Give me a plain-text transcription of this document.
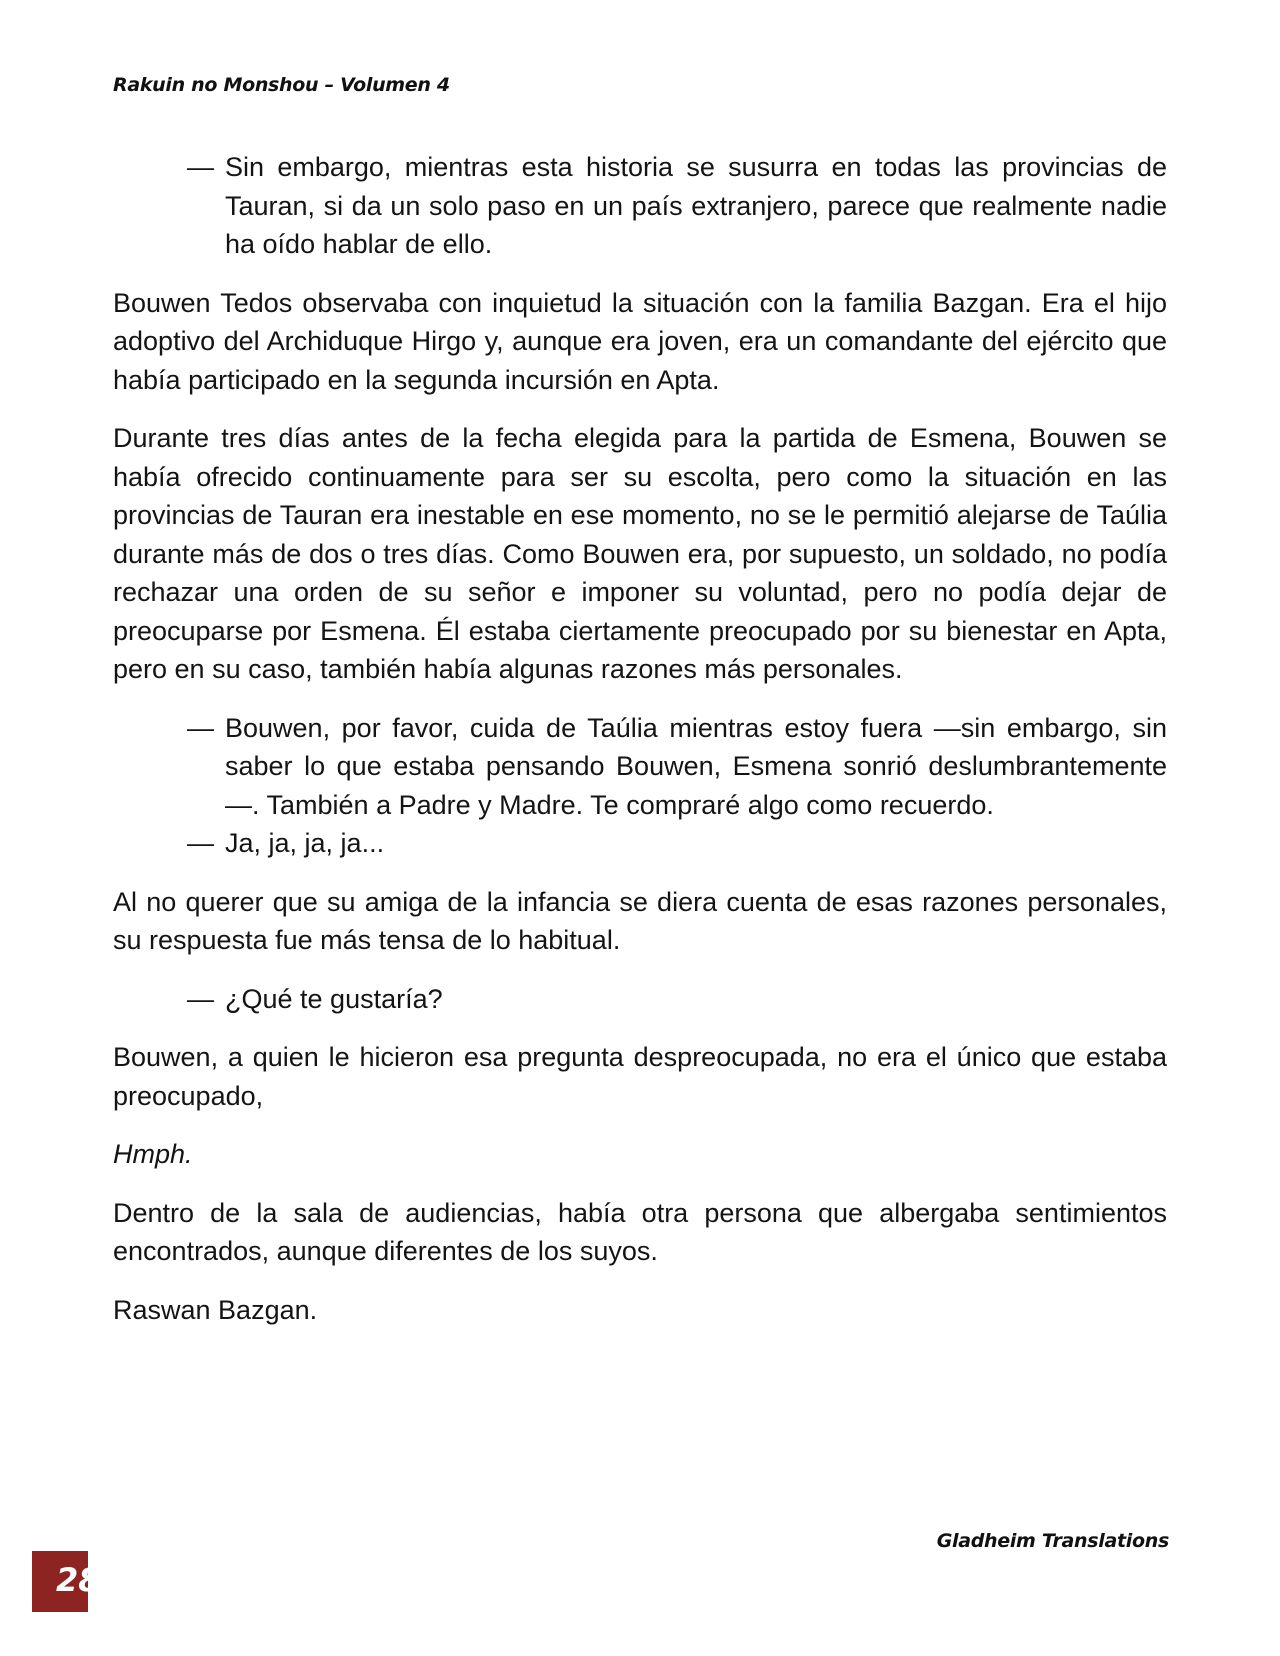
Rakuin no Monshou – Volumen 4
— Sin embargo, mientras esta historia se susurra en todas las provincias de Tauran, si da un solo paso en un país extranjero, parece que realmente nadie ha oído hablar de ello.

Bouwen Tedos observaba con inquietud la situación con la familia Bazgan. Era el hijo adoptivo del Archiduque Hirgo y, aunque era joven, era un comandante del ejército que había participado en la segunda incursión en Apta.

Durante tres días antes de la fecha elegida para la partida de Esmena, Bouwen se había ofrecido continuamente para ser su escolta, pero como la situación en las provincias de Tauran era inestable en ese momento, no se le permitió alejarse de Taúlia durante más de dos o tres días. Como Bouwen era, por supuesto, un soldado, no podía rechazar una orden de su señor e imponer su voluntad, pero no podía dejar de preocuparse por Esmena. Él estaba ciertamente preocupado por su bienestar en Apta, pero en su caso, también había algunas razones más personales.

— Bouwen, por favor, cuida de Taúlia mientras estoy fuera —sin embargo, sin saber lo que estaba pensando Bouwen, Esmena sonrió deslumbrantemente—. También a Padre y Madre. Te compraré algo como recuerdo.
— Ja, ja, ja, ja...

Al no querer que su amiga de la infancia se diera cuenta de esas razones personales, su respuesta fue más tensa de lo habitual.

— ¿Qué te gustaría?

Bouwen, a quien le hicieron esa pregunta despreocupada, no era el único que estaba preocupado,

Hmph.

Dentro de la sala de audiencias, había otra persona que albergaba sentimientos encontrados, aunque diferentes de los suyos.

Raswan Bazgan.

Gladheim Translations
28
